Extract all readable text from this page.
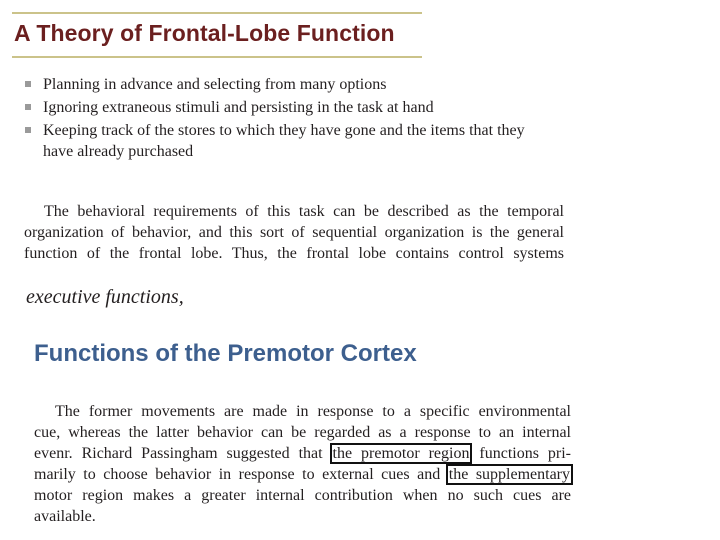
A Theory of Frontal-Lobe Function
Planning in advance and selecting from many options
Ignoring extraneous stimuli and persisting in the task at hand
Keeping track of the stores to which they have gone and the items that they have already purchased

The behavioral requirements of this task can be described as the temporal organization of behavior, and this sort of sequential organization is the general function of the frontal lobe. Thus, the frontal lobe contains control systems

executive functions,

Functions of the Premotor Cortex

The former movements are made in response to a specific environmental
cue, whereas the latter behavior can be regarded as a response to an internal
evenr. Richard Passingham suggested that the premotor region functions pri-
marily to choose behavior in response to external cues and the supplementary
motor region makes a greater internal contribution when no such cues are
available.
